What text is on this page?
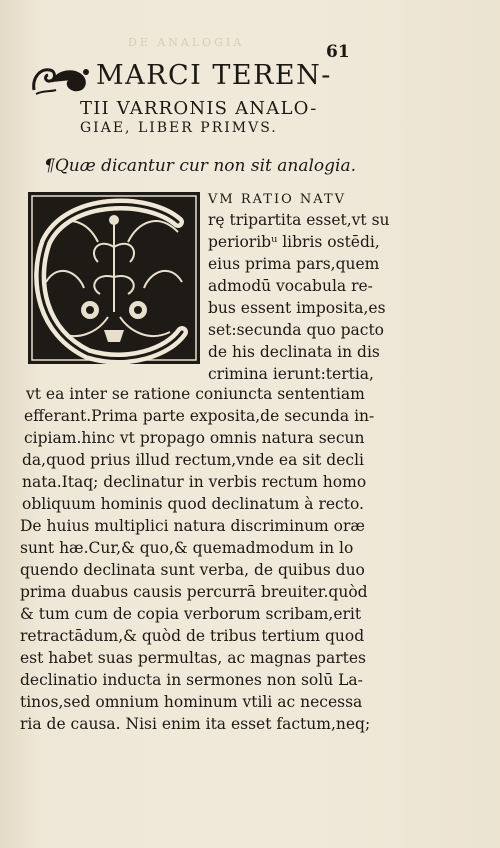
DE ANALOGIA	61
MARCI TEREN-
TII VARRONIS ANALO-
GIAE, LIBER PRIMVS.
¶Quæ dicantur cur non sit analogia.
VM RATIO NATV
rę tripartita esset,vt su
perioribᵘ libris ostēdi,
eius prima pars,quem
admodū vocabula re-
bus essent imposita,es
set:secunda quo pacto
de his declinata in dis
crimina ierunt:tertia,
vt ea inter se ratione coniuncta sententiam
efferant.Prima parte exposita,de secunda in-
cipiam.hinc vt propago omnis natura secun
da,quod prius illud rectum,vnde ea sit decli
nata.Itaq; declinatur in verbis rectum homo
obliquum hominis quod declinatum à recto.
De huius multiplici natura discriminum oræ
sunt hæ.Cur,& quo,& quemadmodum in lo
quendo declinata sunt verba, de quibus duo
prima duabus causis percurrā breuiter.quòd
& tum cum de copia verborum scribam,erit
retractādum,& quòd de tribus tertium quod
est habet suas permultas, ac magnas partes
declinatio inducta in sermones non solū La-
tinos,sed omnium hominum vtili ac necessa
ria de causa. Nisi enim ita esset factum,neq;
